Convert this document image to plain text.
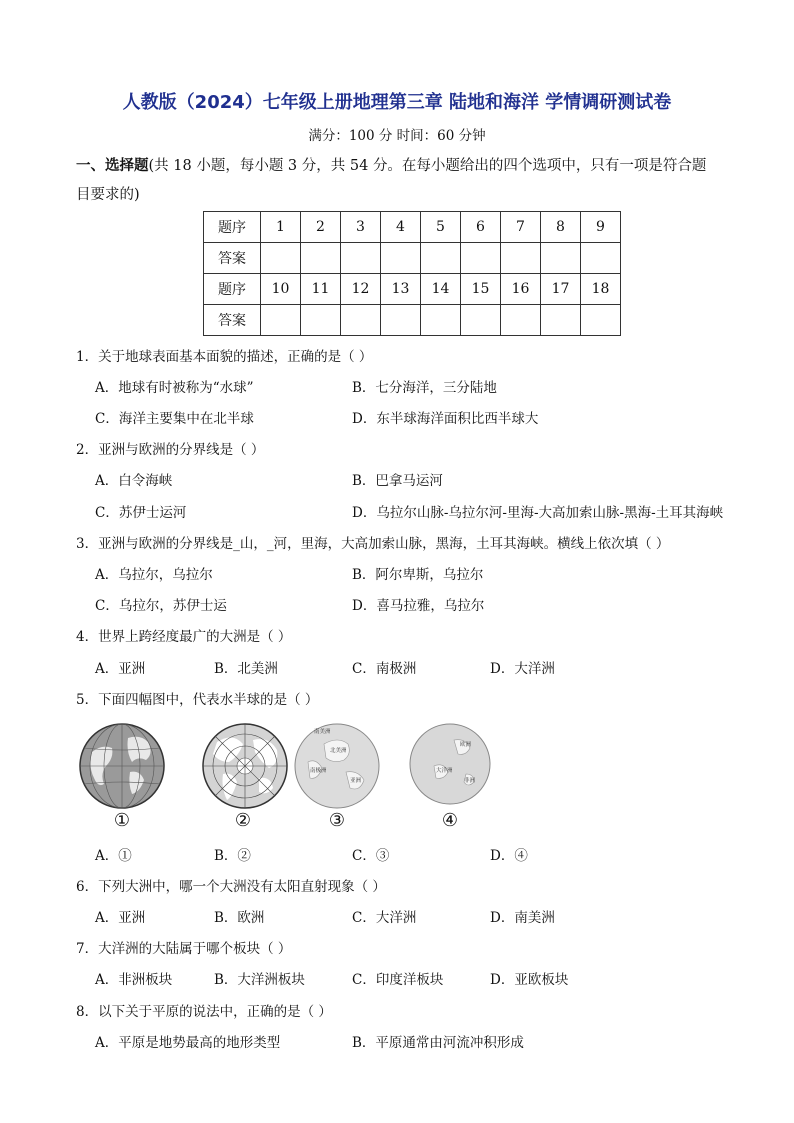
人教版（2024）七年级上册地理第三章 陆地和海洋 学情调研测试卷
满分：100 分 时间：60 分钟
一、选择题(共 18 小题，每小题 3 分，共 54 分。在每小题给出的四个选项中，只有一项是符合题
目要求的)
题序	1	2	3	4	5	6	7	8	9
答案									
题序	10	11	12	13	14	15	16	17	18
答案									
1．关于地球表面基本面貌的描述，正确的是（ ）
A．地球有时被称为“水球”	B．七分海洋，三分陆地
C．海洋主要集中在北半球	D．东半球海洋面积比西半球大
2．亚洲与欧洲的分界线是（ ）
A．白令海峡	B．巴拿马运河
C．苏伊士运河	D．乌拉尔山脉-乌拉尔河-里海-大高加索山脉-黑海-土耳其海峡
3．亚洲与欧洲的分界线是_山，_河，里海，大高加索山脉，黑海，土耳其海峡。横线上依次填（ ）
A．乌拉尔，乌拉尔	B．阿尔卑斯，乌拉尔
C．乌拉尔，苏伊士运	D．喜马拉雅，乌拉尔
4．世界上跨经度最广的大洲是（ ）
A．亚洲	B．北美洲	C．南极洲	D．大洋洲
5．下面四幅图中，代表水半球的是（ ）
南美洲
北美洲
南极洲
亚洲
欧洲
大洋洲
非洲
①	②	③	④
A．①	B．②	C．③	D．④
6．下列大洲中，哪一个大洲没有太阳直射现象（ ）
A．亚洲	B．欧洲	C．大洋洲	D．南美洲
7．大洋洲的大陆属于哪个板块（ ）
A．非洲板块	B．大洋洲板块	C．印度洋板块	D．亚欧板块
8．以下关于平原的说法中，正确的是（ ）
A．平原是地势最高的地形类型	B．平原通常由河流冲积形成
